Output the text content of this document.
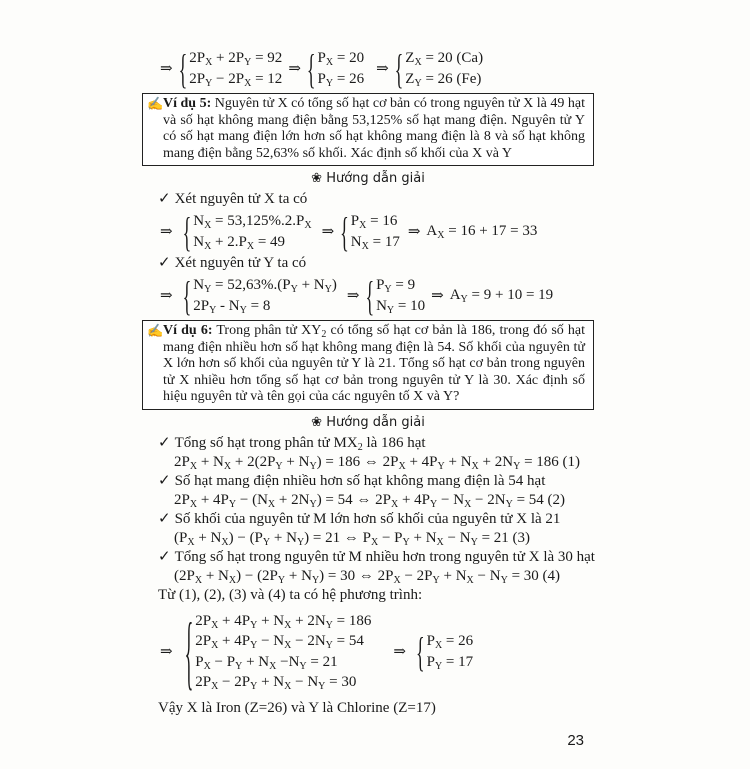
⇒ { $2P_X + 2P_Y = 92$
$2P_Y - 2P_X = 12$
⇒ { $P_X = 20$
$P_Y = 26$
⇒ { $Z_X = 20$ (Ca)
$Z_Y = 26$ (Fe)
✍ Ví dụ 5: Nguyên tử X có tổng số hạt cơ bản có trong nguyên tử X là 49 hạt và số hạt không mang điện bằng 53,125% số hạt mang điện. Nguyên tử Y có số hạt mang điện lớn hơn số hạt không mang điện là 8 và số hạt không mang điện bằng 52,63% số khối. Xác định số khối của X và Y
❀ Hướng dẫn giải
✓ Xét nguyên tử X ta có
⇒ { $N_X = 53,125\%.2.P_X$
$N_X + 2.P_X = 49$
⇒ { $P_X = 16$
$N_X = 17$
⇒ $A_X = 16 + 17 = 33$
✓ Xét nguyên tử Y ta có
⇒ { $N_Y = 52,63\%.(P_Y + N_Y)$
$2P_Y - N_Y = 8$
⇒ { $P_Y = 9$
$N_Y = 10$
⇒ $A_Y = 9 + 10 = 19$
✍ Ví dụ 6: Trong phân tử $XY_2$ có tổng số hạt cơ bản là 186, trong đó số hạt mang điện nhiều hơn số hạt không mang điện là 54. Số khối của nguyên tử X lớn hơn số khối của nguyên tử Y là 21. Tổng số hạt cơ bản trong nguyên tử X nhiều hơn tổng số hạt cơ bản trong nguyên tử Y là 30. Xác định số hiệu nguyên tử và tên gọi của các nguyên tố X và Y?
❀ Hướng dẫn giải
✓ Tổng số hạt trong phân tử $MX_2$ là 186 hạt
$2P_X + N_X + 2(2P_Y + N_Y) = 186$ ⇔ $2P_X + 4P_Y + N_X + 2N_Y = 186$ (1)
✓ Số hạt mang điện nhiều hơn số hạt không mang điện là 54 hạt
$2P_X + 4P_Y - (N_X + 2N_Y) = 54$ ⇔ $2P_X + 4P_Y - N_X - 2N_Y = 54$ (2)
✓ Số khối của nguyên tử M lớn hơn số khối của nguyên tử X là 21
$(P_X + N_X) - (P_Y + N_Y) = 21$ ⇔ $P_X - P_Y + N_X - N_Y = 21$ (3)
✓ Tổng số hạt trong nguyên tử M nhiều hơn trong nguyên tử X là 30 hạt
$(2P_X + N_X) - (2P_Y + N_Y) = 30$ ⇔ $2P_X - 2P_Y + N_X - N_Y = 30$ (4)
Từ (1), (2), (3) và (4) ta có hệ phương trình:
⇒ { $2P_X + 4P_Y + N_X + 2N_Y = 186$
$2P_X + 4P_Y - N_X - 2N_Y = 54$
$P_X - P_Y + N_X -N_Y = 21$
$2P_X - 2P_Y + N_X - N_Y = 30$
⇒ { $P_X = 26$
$P_Y = 17$
Vậy X là Iron (Z=26) và Y là Chlorine (Z=17)
23
